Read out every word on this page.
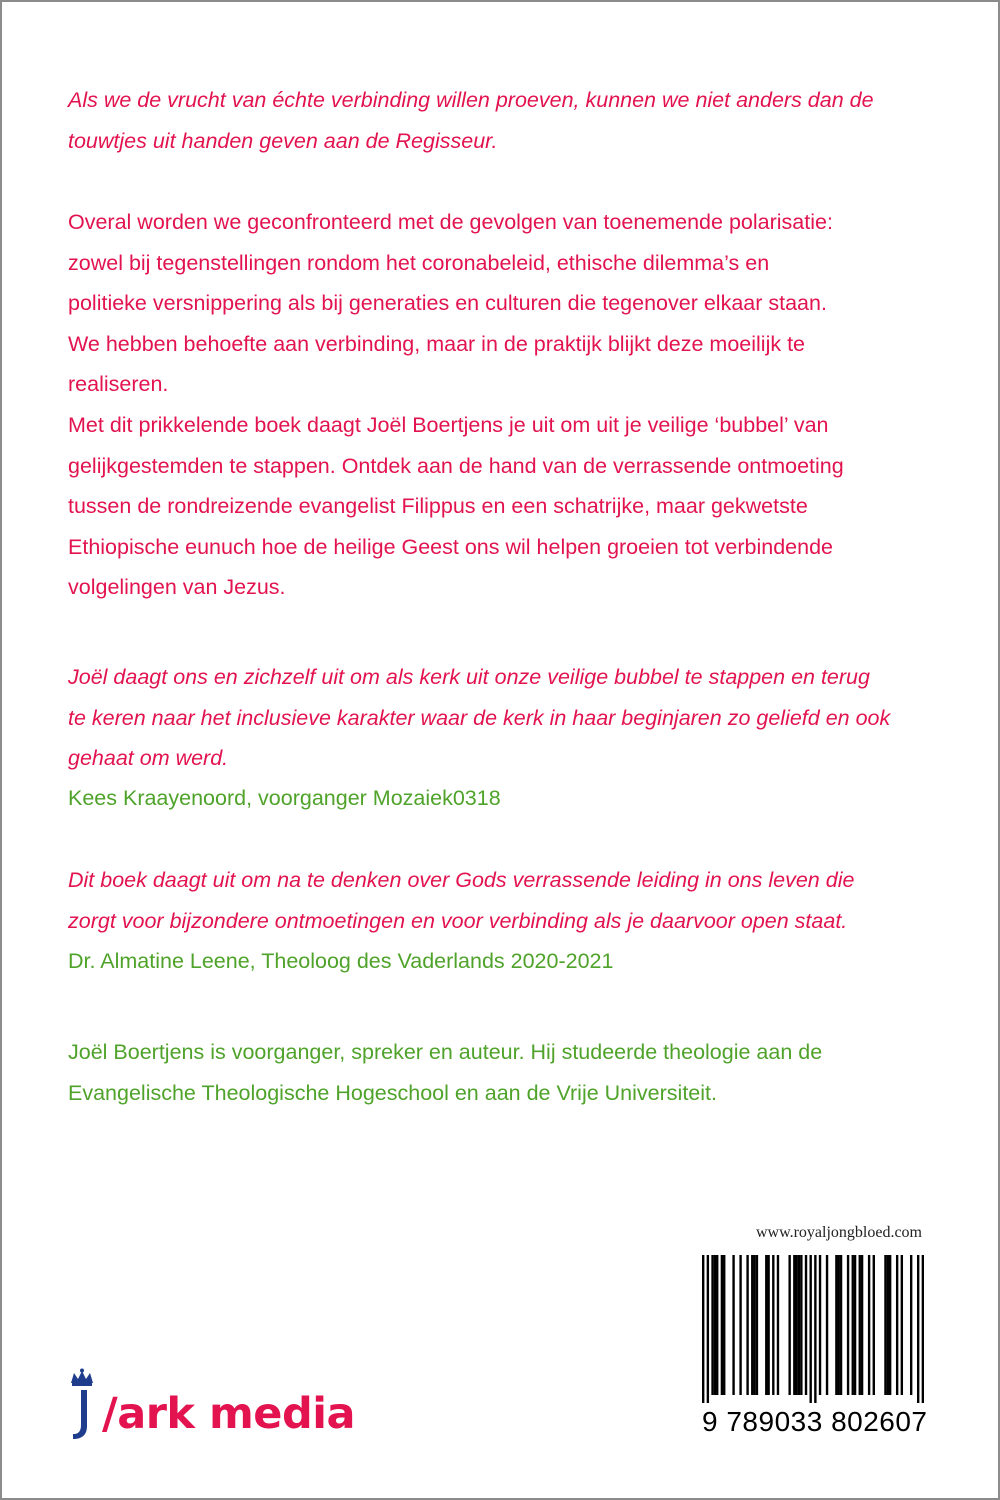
Als we de vrucht van échte verbinding willen proeven, kunnen we niet anders dan de
touwtjes uit handen geven aan de Regisseur.
Overal worden we geconfronteerd met de gevolgen van toenemende polarisatie:
zowel bij tegenstellingen rondom het coronabeleid, ethische dilemma’s en
politieke versnippering als bij generaties en culturen die tegenover elkaar staan.
We hebben behoefte aan verbinding, maar in de praktijk blijkt deze moeilijk te
realiseren.
Met dit prikkelende boek daagt Joël Boertjens je uit om uit je veilige ‘bubbel’ van
gelijkgestemden te stappen. Ontdek aan de hand van de verrassende ontmoeting
tussen de rondreizende evangelist Filippus en een schatrijke, maar gekwetste
Ethiopische eunuch hoe de heilige Geest ons wil helpen groeien tot verbindende
volgelingen van Jezus.
Joël daagt ons en zichzelf uit om als kerk uit onze veilige bubbel te stappen en terug
te keren naar het inclusieve karakter waar de kerk in haar beginjaren zo geliefd en ook
gehaat om werd.
Kees Kraayenoord, voorganger Mozaiek0318
Dit boek daagt uit om na te denken over Gods verrassende leiding in ons leven die
zorgt voor bijzondere ontmoetingen en voor verbinding als je daarvoor open staat.
Dr. Almatine Leene, Theoloog des Vaderlands 2020-2021
Joël Boertjens is voorganger, spreker en auteur. Hij studeerde theologie aan de
Evangelische Theologische Hogeschool en aan de Vrije Universiteit.
www.royaljongbloed.com
9 789033 802607
/ark media
